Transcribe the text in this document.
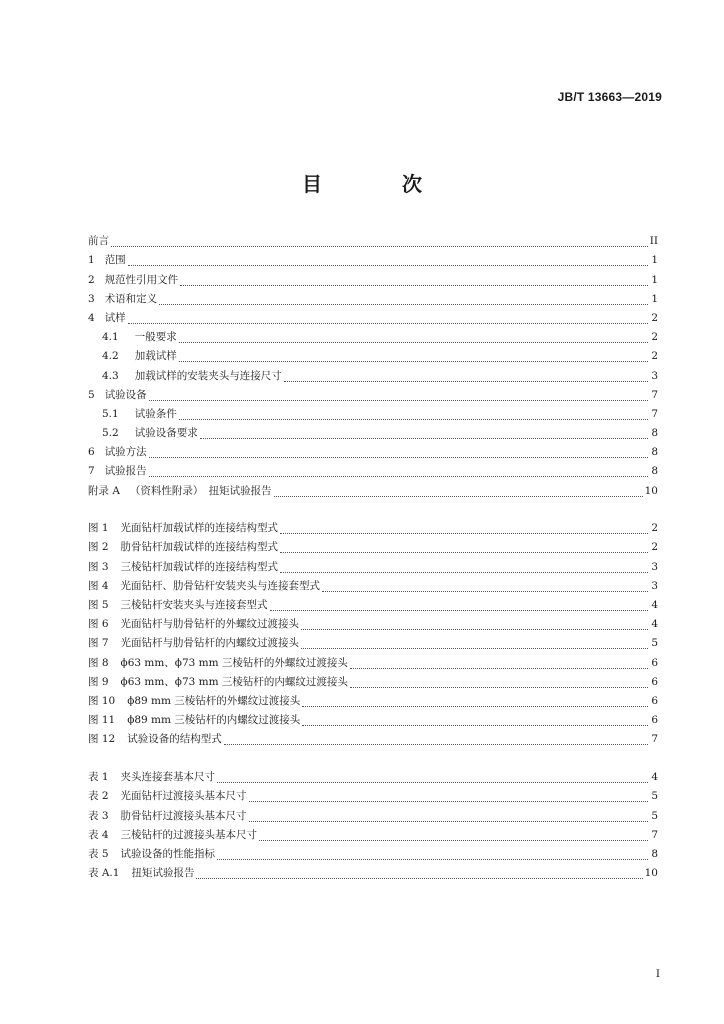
JB/T 13663—2019
目　次
前言	II
1 范围	1
2 规范性引用文件	1
3 术语和定义	1
4 试样	2
4.1 一般要求	2
4.2 加载试样	2
4.3 加载试样的安装夹头与连接尺寸	3
5 试验设备	7
5.1 试验条件	7
5.2 试验设备要求	8
6 试验方法	8
7 试验报告	8
附录 A （资料性附录）　扭矩试验报告	10
图 1 光面钻杆加载试样的连接结构型式	2
图 2 肋骨钻杆加载试样的连接结构型式	2
图 3 三棱钻杆加载试样的连接结构型式	3
图 4 光面钻杆、肋骨钻杆安装夹头与连接套型式	3
图 5 三棱钻杆安装夹头与连接套型式	4
图 6 光面钻杆与肋骨钻杆的外螺纹过渡接头	4
图 7 光面钻杆与肋骨钻杆的内螺纹过渡接头	5
图 8 ϕ63 mm、ϕ73 mm 三棱钻杆的外螺纹过渡接头	6
图 9 ϕ63 mm、ϕ73 mm 三棱钻杆的内螺纹过渡接头	6
图 10 ϕ89 mm 三棱钻杆的外螺纹过渡接头	6
图 11 ϕ89 mm 三棱钻杆的内螺纹过渡接头	6
图 12 试验设备的结构型式	7
表 1 夹头连接套基本尺寸	4
表 2 光面钻杆过渡接头基本尺寸	5
表 3 肋骨钻杆过渡接头基本尺寸	5
表 4 三棱钻杆的过渡接头基本尺寸	7
表 5 试验设备的性能指标	8
表 A.1 扭矩试验报告	10
I
